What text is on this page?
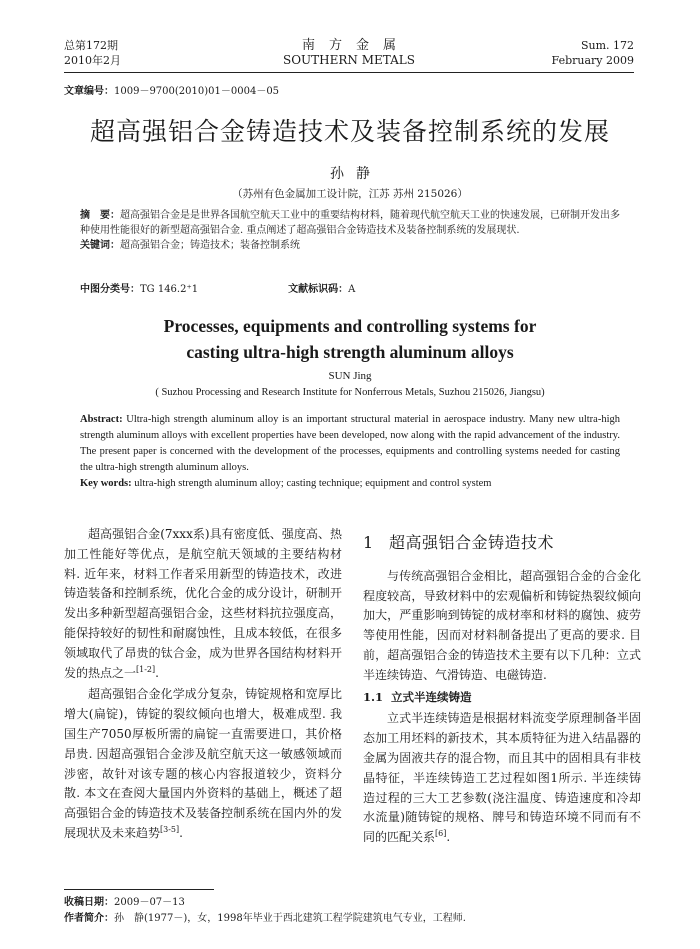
总第172期
2010年2月
南方金属
SOUTHERN METALS
Sum. 172
February 2009
文章编号：1009－9700(2010)01－0004－05
超高强铝合金铸造技术及装备控制系统的发展
孙静
（苏州有色金属加工设计院，江苏 苏州 215026）
摘　要：超高强铝合金是是世界各国航空航天工业中的重要结构材料，随着现代航空航天工业的快速发展，已研制开发出多种使用性能很好的新型超高强铝合金. 重点阐述了超高强铝合金铸造技术及装备控制系统的发展现状.
关键词：超高强铝合金；铸造技术；装备控制系统
中图分类号：TG 146.2⁺1	文献标识码：A
Processes, equipments and controlling systems for
casting ultra-high strength aluminum alloys
SUN Jing
( Suzhou Processing and Research Institute for Nonferrous Metals, Suzhou 215026, Jiangsu)
Abstract: Ultra-high strength aluminum alloy is an important structural material in aerospace industry. Many new ultra-high strength aluminum alloys with excellent properties have been developed, now along with the rapid advancement of the industry. The present paper is concerned with the development of the processes, equipments and controlling systems needed for casting the ultra-high strength aluminum alloys.
Key words: ultra-high strength aluminum alloy; casting technique; equipment and control system

超高强铝合金(7xxx系)具有密度低、强度高、热加工性能好等优点，是航空航天领域的主要结构材料. 近年来，材料工作者采用新型的铸造技术，改进铸造装备和控制系统，优化合金的成分设计，研制开发出多种新型超高强铝合金，这些材料抗拉强度高，能保持较好的韧性和耐腐蚀性，且成本较低，在很多领域取代了昂贵的钛合金，成为世界各国结构材料开发的热点之一[1-2].

超高强铝合金化学成分复杂，铸锭规格和宽厚比增大(扁锭)，铸锭的裂纹倾向也增大，极难成型. 我国生产7050厚板所需的扁锭一直需要进口，其价格昂贵. 因超高强铝合金涉及航空航天这一敏感领域而涉密，故针对该专题的核心内容报道较少，资料分散. 本文在查阅大量国内外资料的基础上，概述了超高强铝合金的铸造技术及装备控制系统在国内外的发展现状及未来趋势[3-5].

1 超高强铝合金铸造技术

与传统高强铝合金相比，超高强铝合金的合金化程度较高，导致材料中的宏观偏析和铸锭热裂纹倾向加大，严重影响到铸锭的成材率和材料的腐蚀、疲劳等使用性能，因而对材料制备提出了更高的要求. 目前，超高强铝合金的铸造技术主要有以下几种：立式半连续铸造、气滑铸造、电磁铸造.

1.1 立式半连续铸造

立式半连续铸造是根据材料流变学原理制备半固态加工用坯料的新技术，其本质特征为进入结晶器的金属为固液共存的混合物，而且其中的固相具有非枝晶特征，半连续铸造工艺过程如图1所示. 半连续铸造过程的三大工艺参数(浇注温度、铸造速度和冷却水流量)随铸锭的规格、牌号和铸造环境不同而有不同的匹配关系[6].

收稿日期：2009－07－13
作者简介：孙　静(1977－)，女，1998年毕业于西北建筑工程学院建筑电气专业，工程师.
